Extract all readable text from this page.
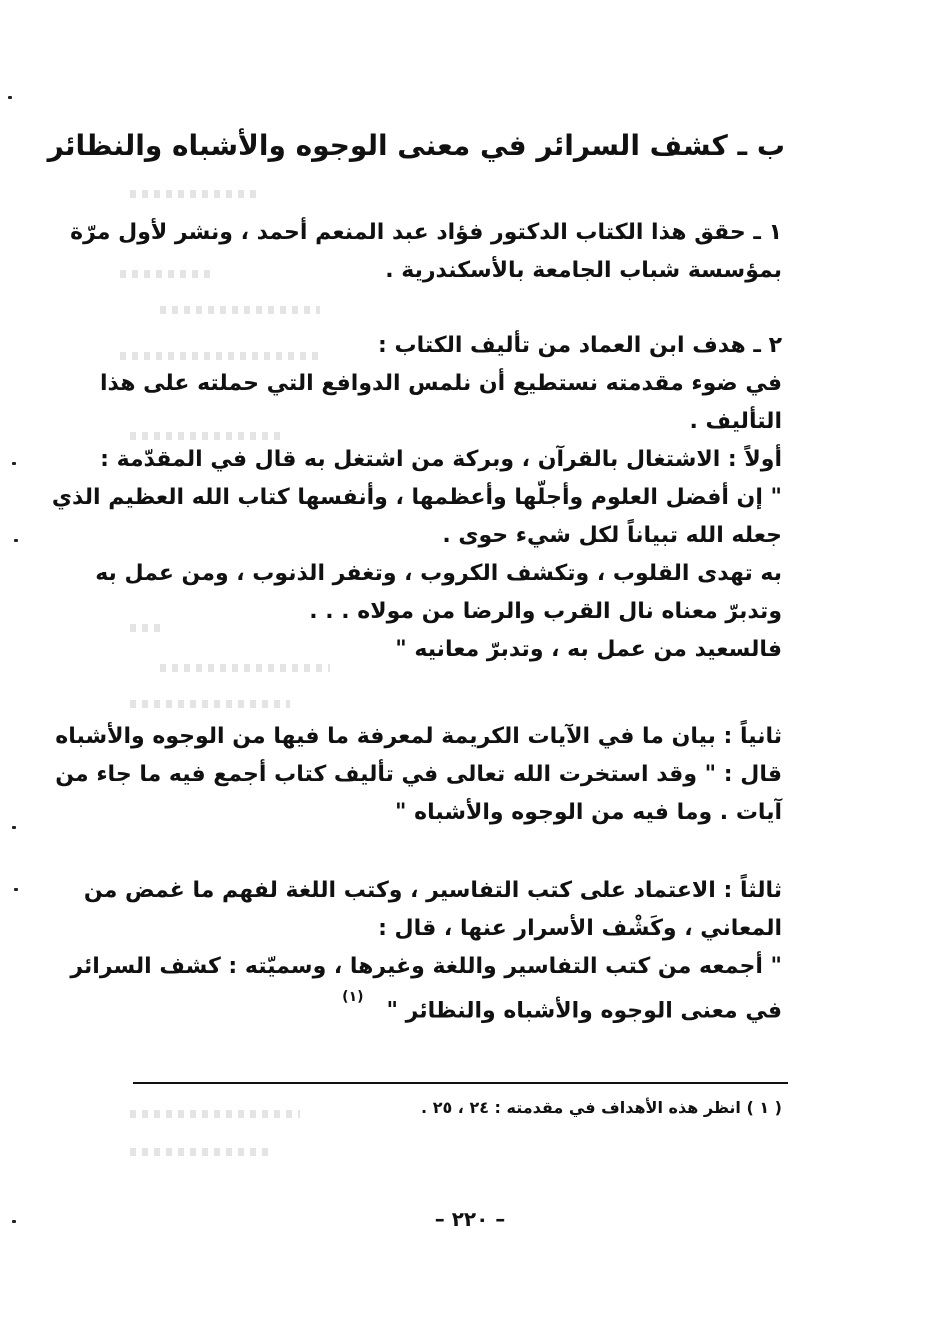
ب ـ كشف السرائر في معنى الوجوه والأشباه والنظائر
١ ـ حقق هذا الكتاب الدكتور فؤاد عبد المنعم أحمد ، ونشر لأول مرّة
بمؤسسة شباب الجامعة بالأسكندرية .
٢ ـ هدف ابن العماد من تأليف الكتاب :
في ضوء مقدمته نستطيع أن نلمس الدوافع التي حملته على هذا
التأليف .
أولاً : الاشتغال بالقرآن ، وبركة من اشتغل به قال في المقدّمة :
" إن أفضل العلوم وأجلّها وأعظمها ، وأنفسها كتاب الله العظيم الذي
جعله الله تبياناً لكل شيء حوى .
به تهدى القلوب ، وتكشف الكروب ، وتغفر الذنوب ، ومن عمل به
وتدبرّ معناه نال القرب والرضا من مولاه . . .
فالسعيد من عمل به ، وتدبرّ معانيه "
ثانياً : بيان ما في الآيات الكريمة لمعرفة ما فيها من الوجوه والأشباه
قال : " وقد استخرت الله تعالى في تأليف كتاب أجمع فيه ما جاء من
آيات . وما فيه من الوجوه والأشباه "
ثالثاً : الاعتماد على كتب التفاسير ، وكتب اللغة لفهم ما غمض من
المعاني ، وكَشْف الأسرار عنها ، قال :
" أجمعه من كتب التفاسير واللغة وغيرها ، وسميّته : كشف السرائر
في معنى الوجوه والأشباه والنظائر "   $^{(١)}$
( ١ ) انظر هذه الأهداف في مقدمته : ٢٤ ، ٢٥ .
– ٢٢٠ –
